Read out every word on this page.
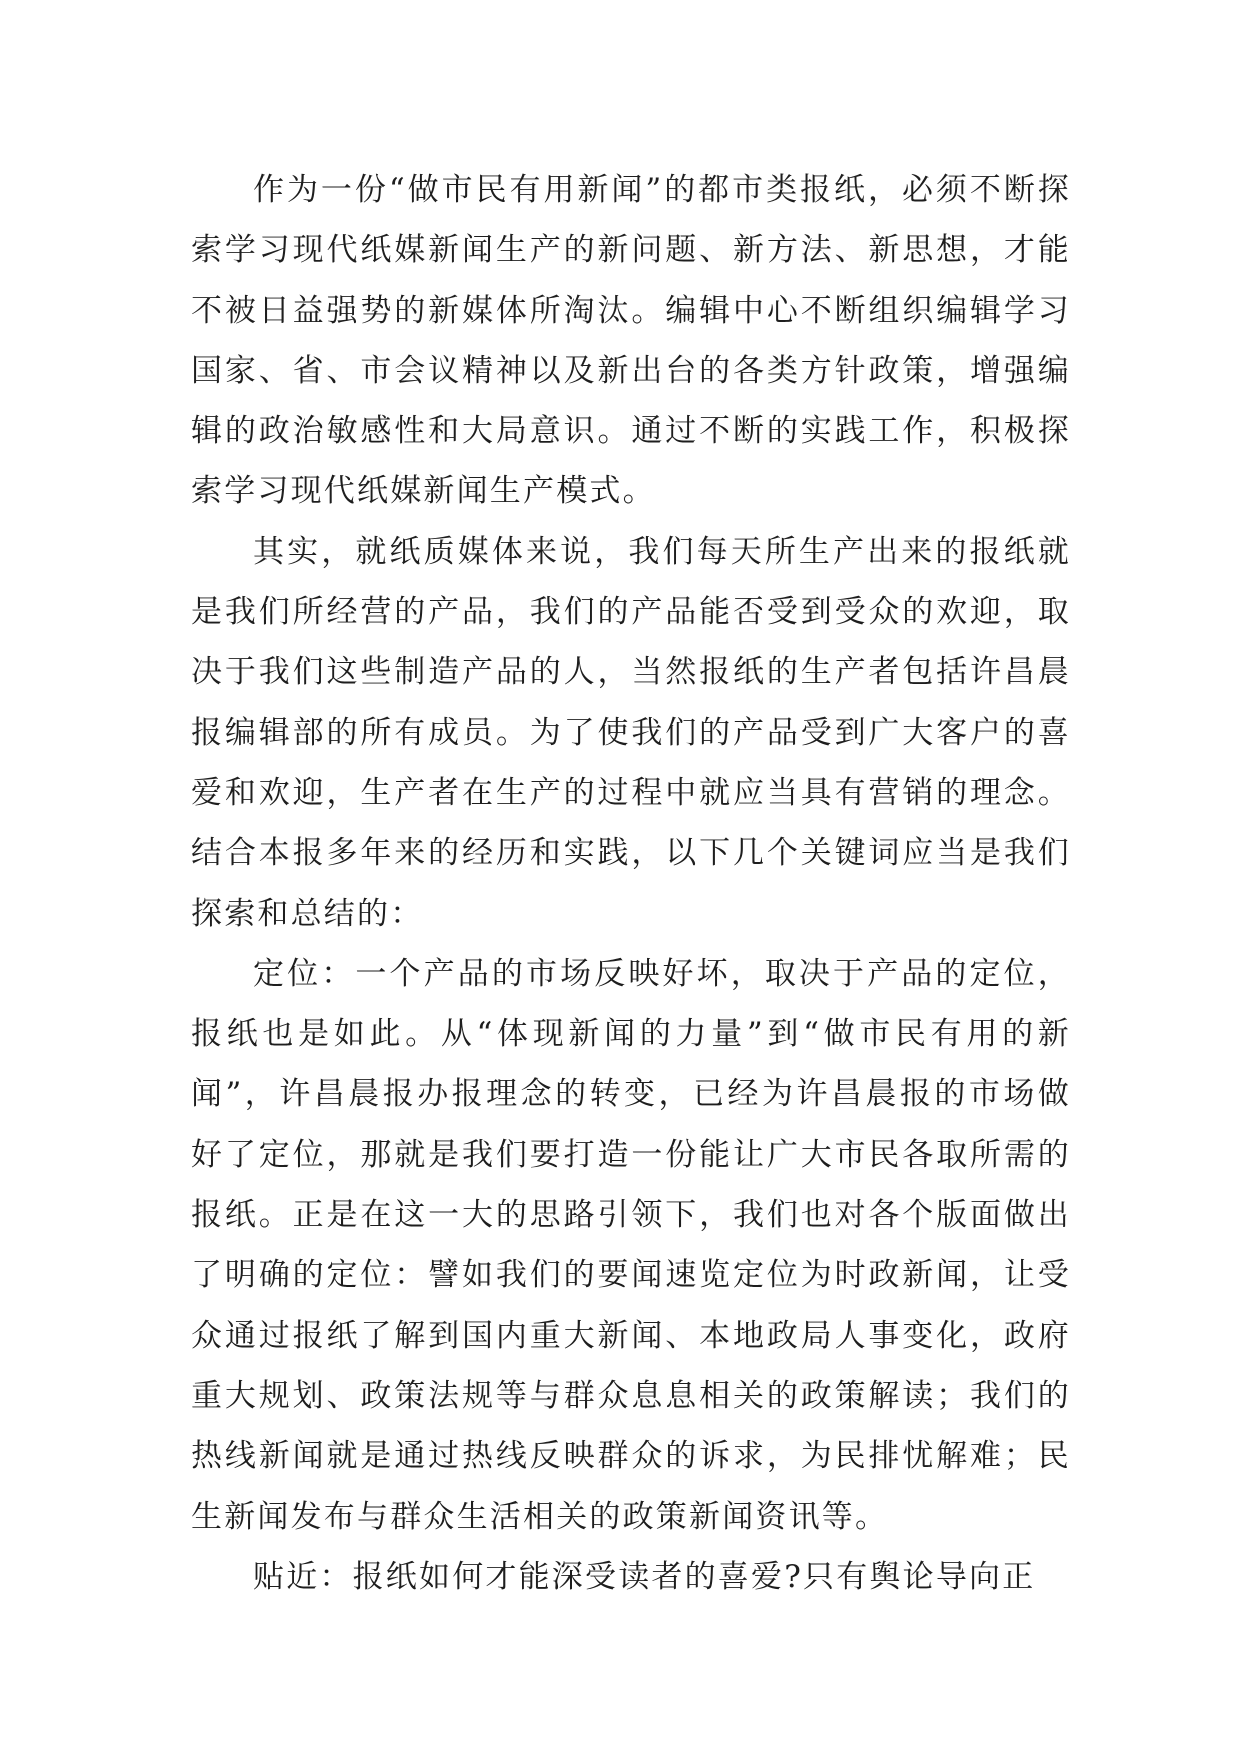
作为一份“做市民有用新闻”的都市类报纸，必须不断探索学习现代纸媒新闻生产的新问题、新方法、新思想，才能不被日益强势的新媒体所淘汰。编辑中心不断组织编辑学习国家、省、市会议精神以及新出台的各类方针政策，增强编辑的政治敏感性和大局意识。通过不断的实践工作，积极探索学习现代纸媒新闻生产模式。

其实，就纸质媒体来说，我们每天所生产出来的报纸就是我们所经营的产品，我们的产品能否受到受众的欢迎，取决于我们这些制造产品的人，当然报纸的生产者包括许昌晨报编辑部的所有成员。为了使我们的产品受到广大客户的喜爱和欢迎，生产者在生产的过程中就应当具有营销的理念。结合本报多年来的经历和实践，以下几个关键词应当是我们探索和总结的：

定位：一个产品的市场反映好坏，取决于产品的定位，报纸也是如此。从“体现新闻的力量”到“做市民有用的新闻”，许昌晨报办报理念的转变，已经为许昌晨报的市场做好了定位，那就是我们要打造一份能让广大市民各取所需的报纸。正是在这一大的思路引领下，我们也对各个版面做出了明确的定位：譬如我们的要闻速览定位为时政新闻，让受众通过报纸了解到国内重大新闻、本地政局人事变化，政府重大规划、政策法规等与群众息息相关的政策解读；我们的热线新闻就是通过热线反映群众的诉求，为民排忧解难；民生新闻发布与群众生活相关的政策新闻资讯等。

贴近：报纸如何才能深受读者的喜爱?只有舆论导向正
